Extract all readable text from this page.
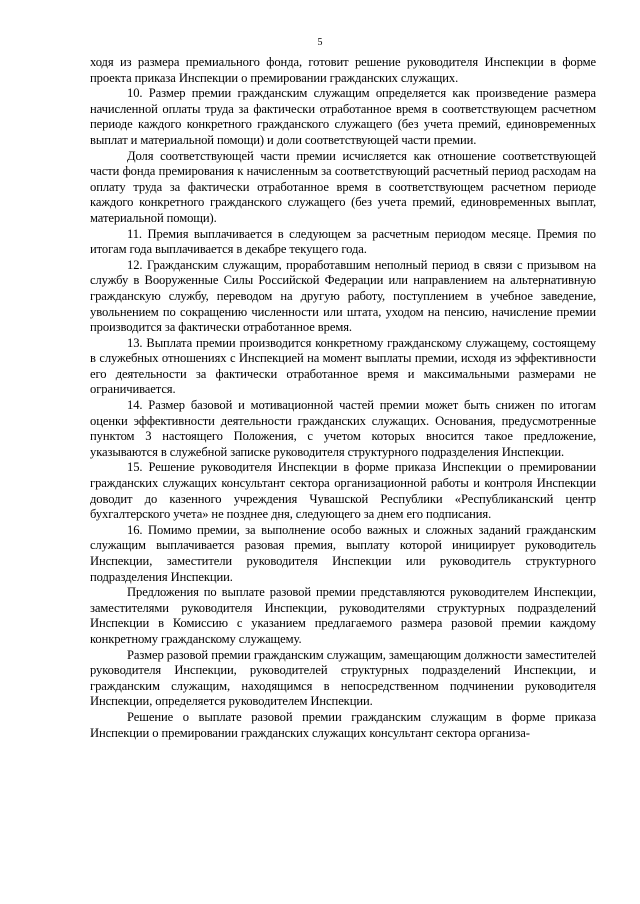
5

ходя из размера премиального фонда, готовит решение руководителя Инспекции в форме проекта приказа Инспекции о премировании гражданских служащих.

10. Размер премии гражданским служащим определяется как произведение размера начисленной оплаты труда за фактически отработанное время в соответствующем расчетном периоде каждого конкретного гражданского служащего (без учета премий, единовременных выплат и материальной помощи) и доли соответствующей части премии.

Доля соответствующей части премии исчисляется как отношение соответствующей части фонда премирования к начисленным за соответствующий расчетный период расходам на оплату труда за фактически отработанное время в соответствующем расчетном периоде каждого конкретного гражданского служащего (без учета премий, единовременных выплат, материальной помощи).

11. Премия выплачивается в следующем за расчетным периодом месяце. Премия по итогам года выплачивается в декабре текущего года.

12. Гражданским служащим, проработавшим неполный период в связи с призывом на службу в Вооруженные Силы Российской Федерации или направлением на альтернативную гражданскую службу, переводом на другую работу, поступлением в учебное заведение, увольнением по сокращению численности или штата, уходом на пенсию, начисление премии производится за фактически отработанное время.

13. Выплата премии производится конкретному гражданскому служащему, состоящему в служебных отношениях с Инспекцией на момент выплаты премии, исходя из эффективности его деятельности за фактически отработанное время и максимальными размерами не ограничивается.

14. Размер базовой и мотивационной частей премии может быть снижен по итогам оценки эффективности деятельности гражданских служащих. Основания, предусмотренные пунктом 3 настоящего Положения, с учетом которых вносится такое предложение, указываются в служебной записке руководителя структурного подразделения Инспекции.

15. Решение руководителя Инспекции в форме приказа Инспекции о премировании гражданских служащих консультант сектора организационной работы и контроля Инспекции доводит до казенного учреждения Чувашской Республики «Республиканский центр бухгалтерского учета» не позднее дня, следующего за днем его подписания.

16. Помимо премии, за выполнение особо важных и сложных заданий гражданским служащим выплачивается разовая премия, выплату которой инициирует руководитель Инспекции, заместители руководителя Инспекции или руководитель структурного подразделения Инспекции.

Предложения по выплате разовой премии представляются руководителем Инспекции, заместителями руководителя Инспекции, руководителями структурных подразделений Инспекции в Комиссию с указанием предлагаемого размера разовой премии каждому конкретному гражданскому служащему.

Размер разовой премии гражданским служащим, замещающим должности заместителей руководителя Инспекции, руководителей структурных подразделений Инспекции, и гражданским служащим, находящимся в непосредственном подчинении руководителя Инспекции, определяется руководителем Инспекции.

Решение о выплате разовой премии гражданским служащим в форме приказа Инспекции о премировании гражданских служащих консультант сектора организа-
